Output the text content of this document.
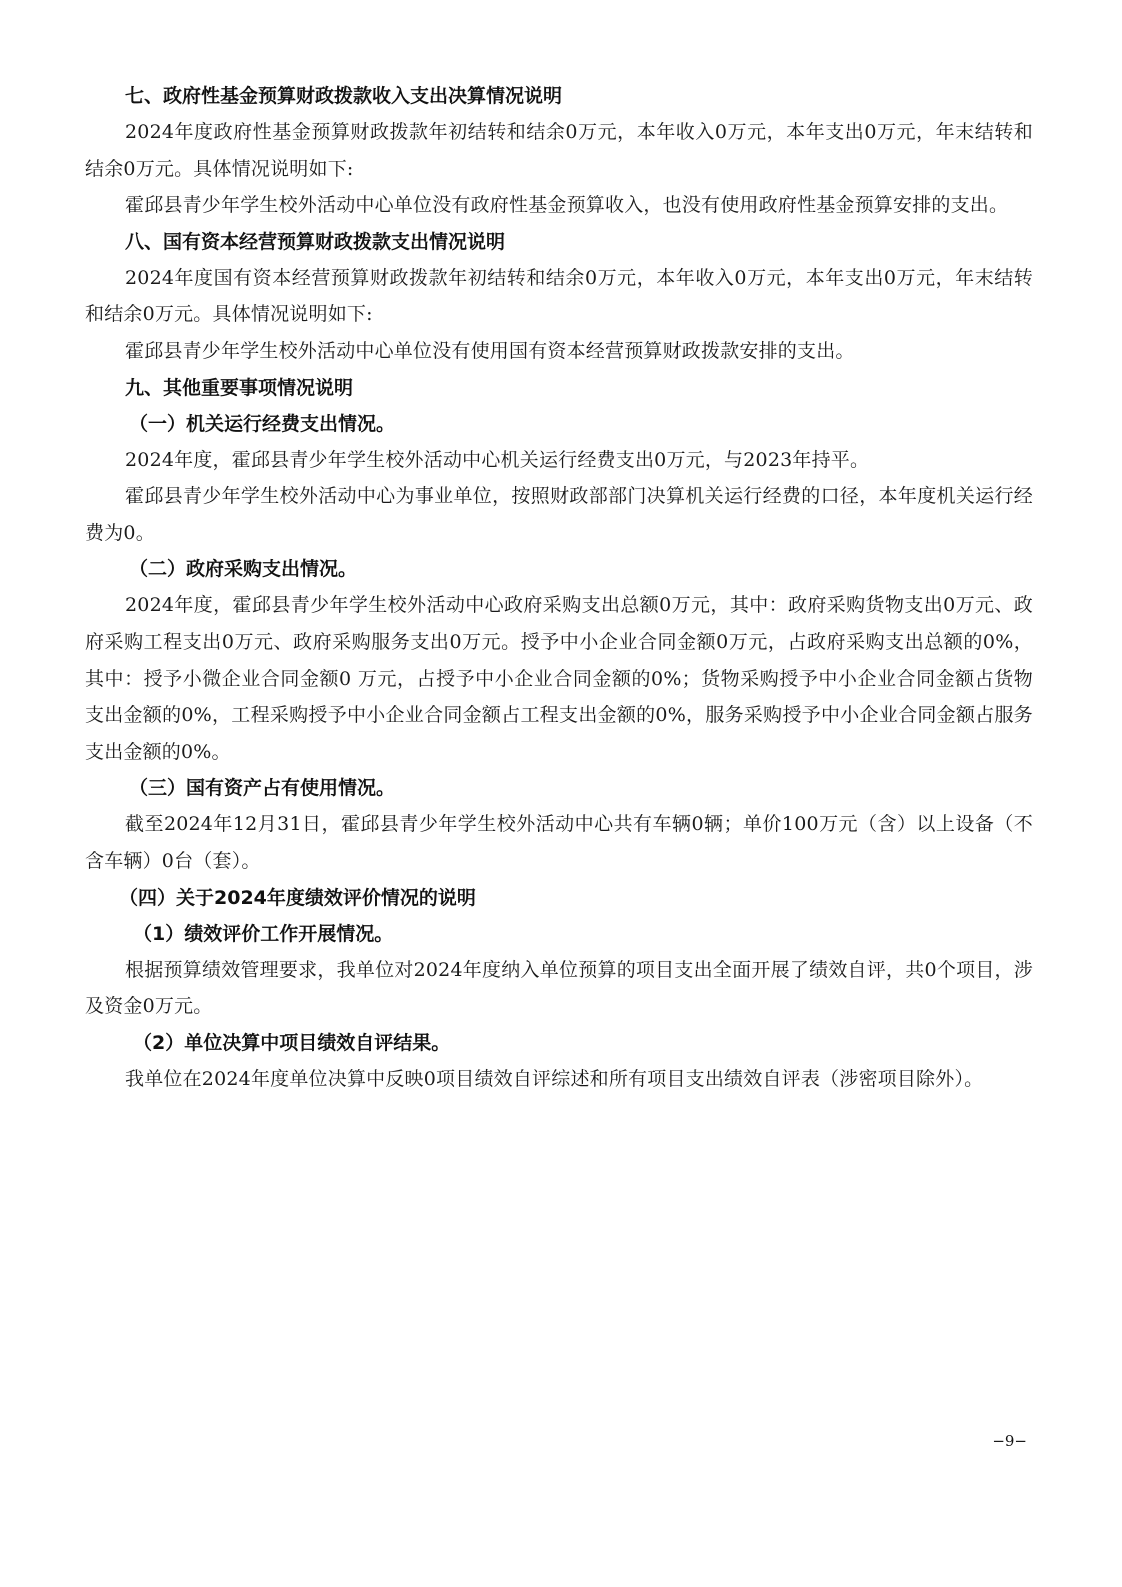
七、政府性基金预算财政拨款收入支出决算情况说明

2024年度政府性基金预算财政拨款年初结转和结余0万元，本年收入0万元，本年支出0万元，年末结转和结余0万元。具体情况说明如下:

霍邱县青少年学生校外活动中心单位没有政府性基金预算收入，也没有使用政府性基金预算安排的支出。

八、国有资本经营预算财政拨款支出情况说明

2024年度国有资本经营预算财政拨款年初结转和结余0万元，本年收入0万元，本年支出0万元，年末结转和结余0万元。具体情况说明如下:

霍邱县青少年学生校外活动中心单位没有使用国有资本经营预算财政拨款安排的支出。

九、其他重要事项情况说明

（一）机关运行经费支出情况。

2024年度，霍邱县青少年学生校外活动中心机关运行经费支出0万元，与2023年持平。

霍邱县青少年学生校外活动中心为事业单位，按照财政部部门决算机关运行经费的口径，本年度机关运行经费为0。

（二）政府采购支出情况。

2024年度，霍邱县青少年学生校外活动中心政府采购支出总额0万元，其中：政府采购货物支出0万元、政府采购工程支出0万元、政府采购服务支出0万元。授予中小企业合同金额0万元，占政府采购支出总额的0%，其中：授予小微企业合同金额0 万元，占授予中小企业合同金额的0%；货物采购授予中小企业合同金额占货物支出金额的0%，工程采购授予中小企业合同金额占工程支出金额的0%，服务采购授予中小企业合同金额占服务支出金额的0%。

（三）国有资产占有使用情况。

截至2024年12月31日，霍邱县青少年学生校外活动中心共有车辆0辆；单价100万元（含）以上设备（不含车辆）0台（套）。

（四）关于2024年度绩效评价情况的说明

（1）绩效评价工作开展情况。

根据预算绩效管理要求，我单位对2024年度纳入单位预算的项目支出全面开展了绩效自评，共0个项目，涉及资金0万元。

（2）单位决算中项目绩效自评结果。

我单位在2024年度单位决算中反映0项目绩效自评综述和所有项目支出绩效自评表（涉密项目除外）。

−9−
